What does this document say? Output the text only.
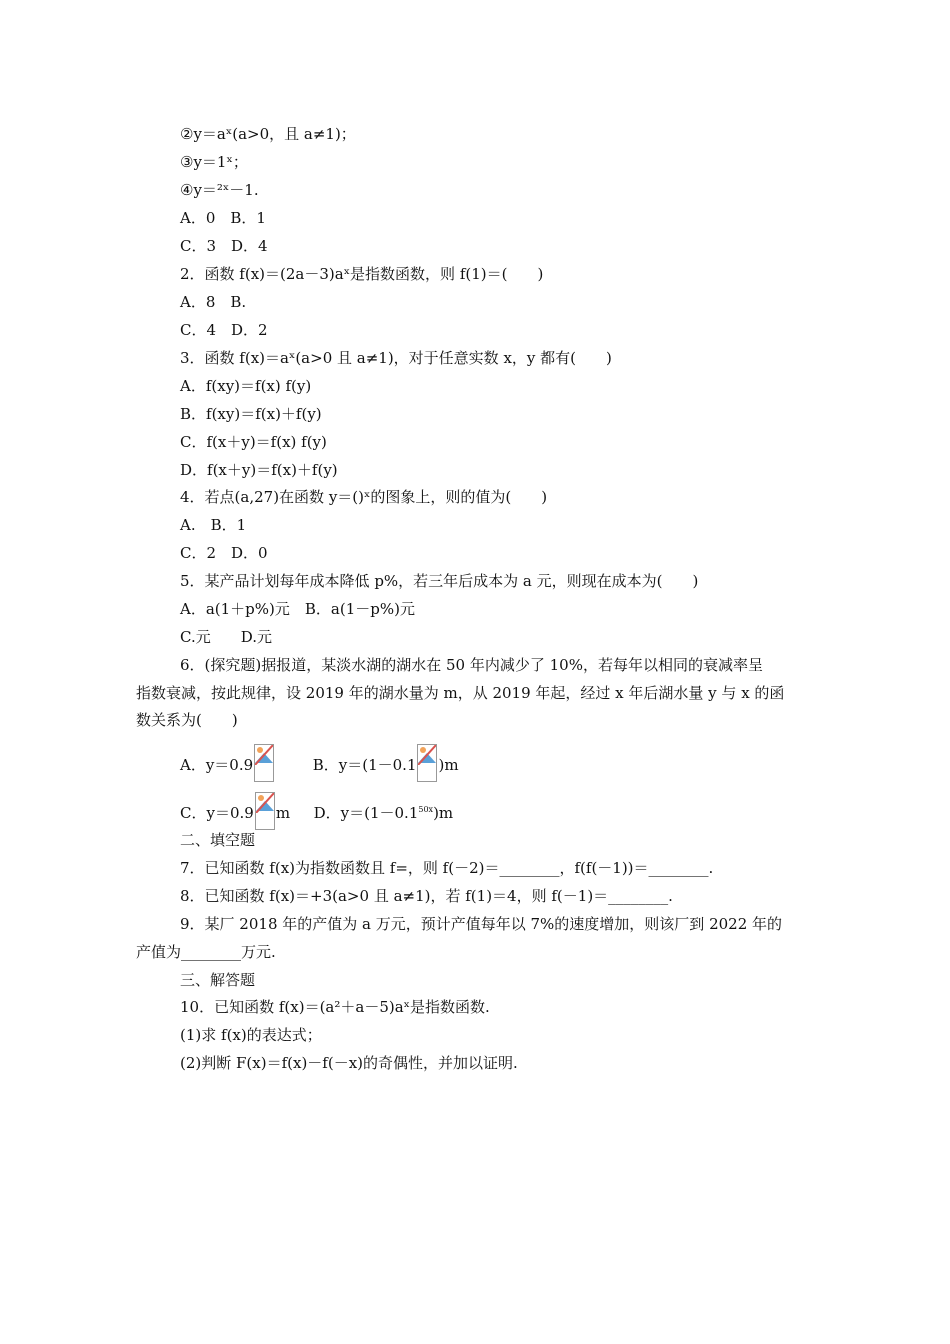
②y＝aˣ(a>0，且 a≠1)；
③y＝1ˣ；
④y＝²ˣ－1.
A．0　B．1
C．3　D．4
2．函数 f(x)＝(2a－3)aˣ是指数函数，则 f(1)＝(　　)
A．8　B.
C．4　D．2
3．函数 f(x)＝aˣ(a>0 且 a≠1)，对于任意实数 x，y 都有(　　)
A．f(xy)＝f(x) f(y)
B．f(xy)＝f(x)＋f(y)
C．f(x＋y)＝f(x) f(y)
D．f(x＋y)＝f(x)＋f(y)
4．若点(a,27)在函数 y＝()ˣ的图象上，则的值为(　　)
A.　B．1
C．2　D．0
5．某产品计划每年成本降低 p%，若三年后成本为 a 元，则现在成本为(　　)
A．a(1＋p%)元　B．a(1－p%)元
C.元　　D.元
6．(探究题)据报道，某淡水湖的湖水在 50 年内减少了 10%，若每年以相同的衰减率呈
指数衰减，按此规律，设 2019 年的湖水量为 m，从 2019 年起，经过 x 年后湖水量 y 与 x 的函
数关系为(　　)
A．y＝0.9	B．y＝(1－0.1 )m
C．y＝0.9 m D．$y=(1-0.1^{50x})m$
二、填空题
7．已知函数 f(x)为指数函数且 f=，则 f(－2)＝________，f(f(－1))＝________.
8．已知函数 f(x)＝+3(a>0 且 a≠1)，若 f(1)＝4，则 f(－1)＝________.
9．某厂 2018 年的产值为 a 万元，预计产值每年以 7%的速度增加，则该厂到 2022 年的
产值为________万元.
三、解答题
10．已知函数 f(x)＝(a²＋a－5)aˣ是指数函数.
(1)求 f(x)的表达式；
(2)判断 F(x)＝f(x)－f(－x)的奇偶性，并加以证明.
